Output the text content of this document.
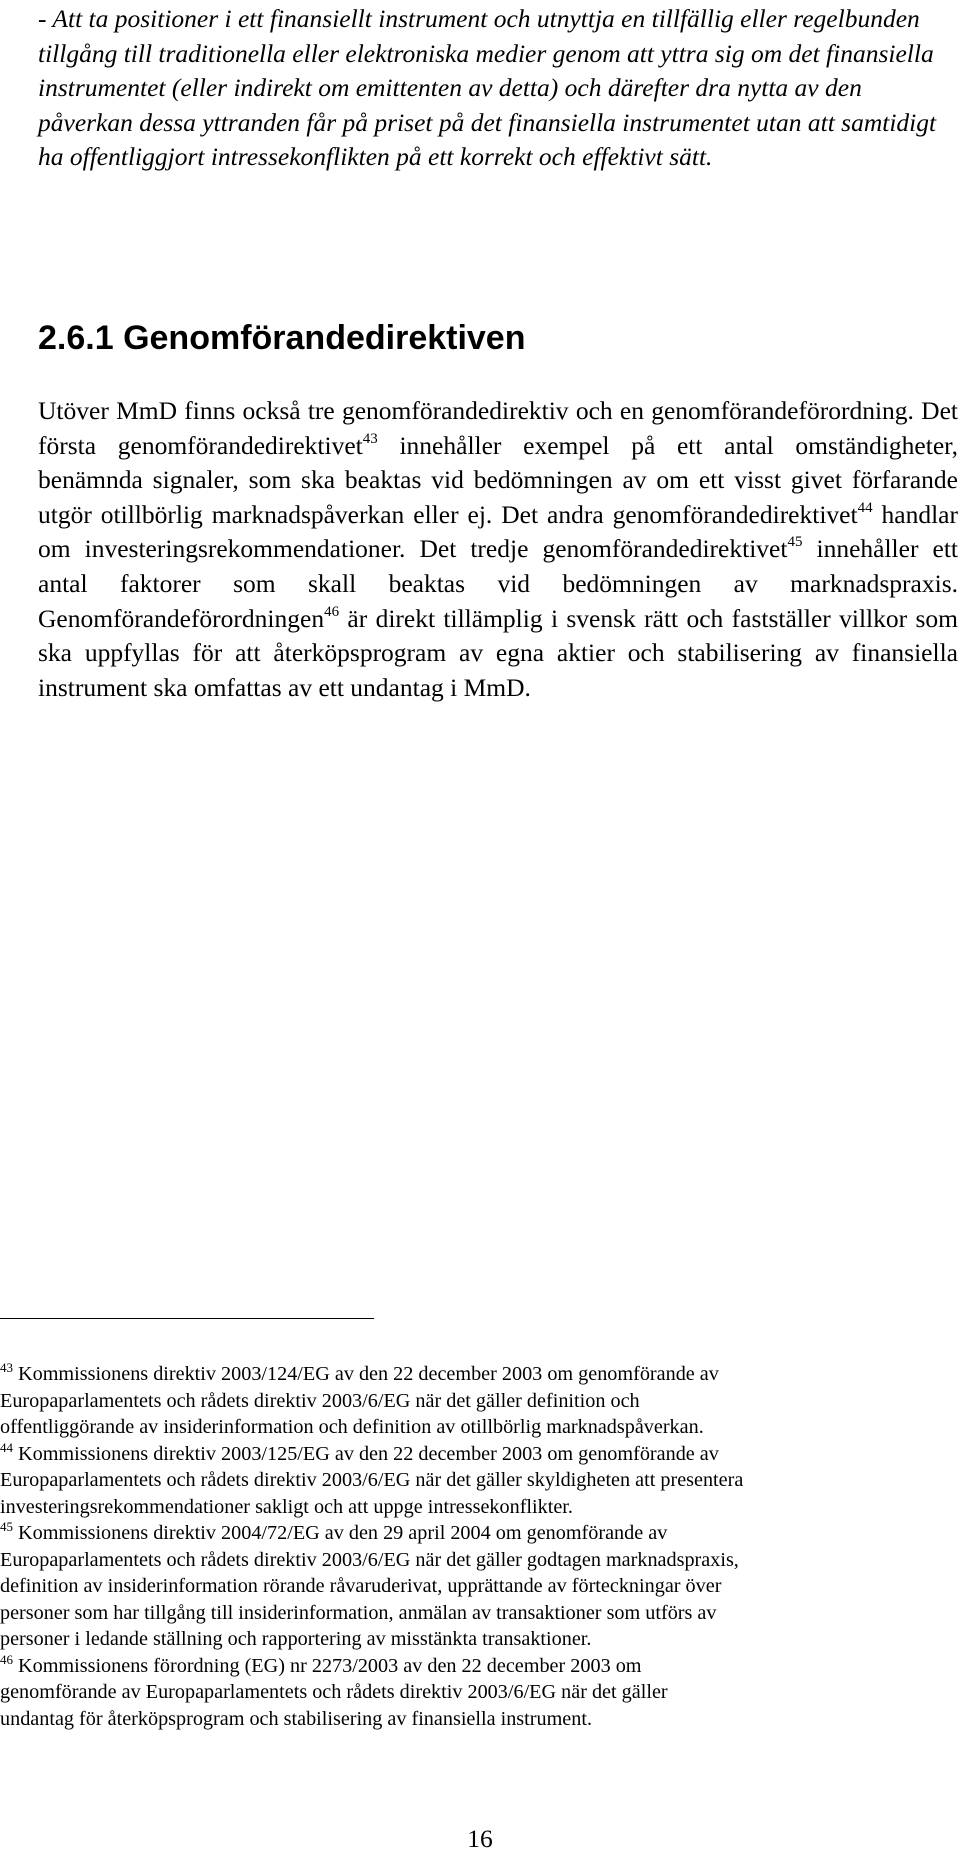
- Att ta positioner i ett finansiellt instrument och utnyttja en tillfällig eller regelbunden tillgång till traditionella eller elektroniska medier genom att yttra sig om det finansiella instrumentet (eller indirekt om emittenten av detta) och därefter dra nytta av den påverkan dessa yttranden får på priset på det finansiella instrumentet utan att samtidigt ha offentliggjort intressekonflikten på ett korrekt och effektivt sätt.

2.6.1 Genomförandedirektiven

Utöver MmD finns också tre genomförandedirektiv och en genomförandeförordning. Det första genomförandedirektivet$^{43}$ innehåller exempel på ett antal omständigheter, benämnda signaler, som ska beaktas vid bedömningen av om ett visst givet förfarande utgör otillbörlig marknadspåverkan eller ej. Det andra genomförandedirektivet$^{44}$ handlar om investeringsrekommendationer. Det tredje genomförandedirektivet$^{45}$ innehåller ett antal faktorer som skall beaktas vid bedömningen av marknadspraxis. Genomförandeförordningen$^{46}$ är direkt tillämplig i svensk rätt och fastställer villkor som ska uppfyllas för att återköpsprogram av egna aktier och stabilisering av finansiella instrument ska omfattas av ett undantag i MmD.

$^{43}$ Kommissionens direktiv 2003/124/EG av den 22 december 2003 om genomförande av
Europaparlamentets och rådets direktiv 2003/6/EG när det gäller definition och
offentliggörande av insiderinformation och definition av otillbörlig marknadspåverkan.

$^{44}$ Kommissionens direktiv 2003/125/EG av den 22 december 2003 om genomförande av
Europaparlamentets och rådets direktiv 2003/6/EG när det gäller skyldigheten att presentera
investeringsrekommendationer sakligt och att uppge intressekonflikter.

$^{45}$ Kommissionens direktiv 2004/72/EG av den 29 april 2004 om genomförande av
Europaparlamentets och rådets direktiv 2003/6/EG när det gäller godtagen marknadspraxis,
definition av insiderinformation rörande råvaruderivat, upprättande av förteckningar över
personer som har tillgång till insiderinformation, anmälan av transaktioner som utförs av
personer i ledande ställning och rapportering av misstänkta transaktioner.

$^{46}$ Kommissionens förordning (EG) nr 2273/2003 av den 22 december 2003 om
genomförande av Europaparlamentets och rådets direktiv 2003/6/EG när det gäller
undantag för återköpsprogram och stabilisering av finansiella instrument.

16
